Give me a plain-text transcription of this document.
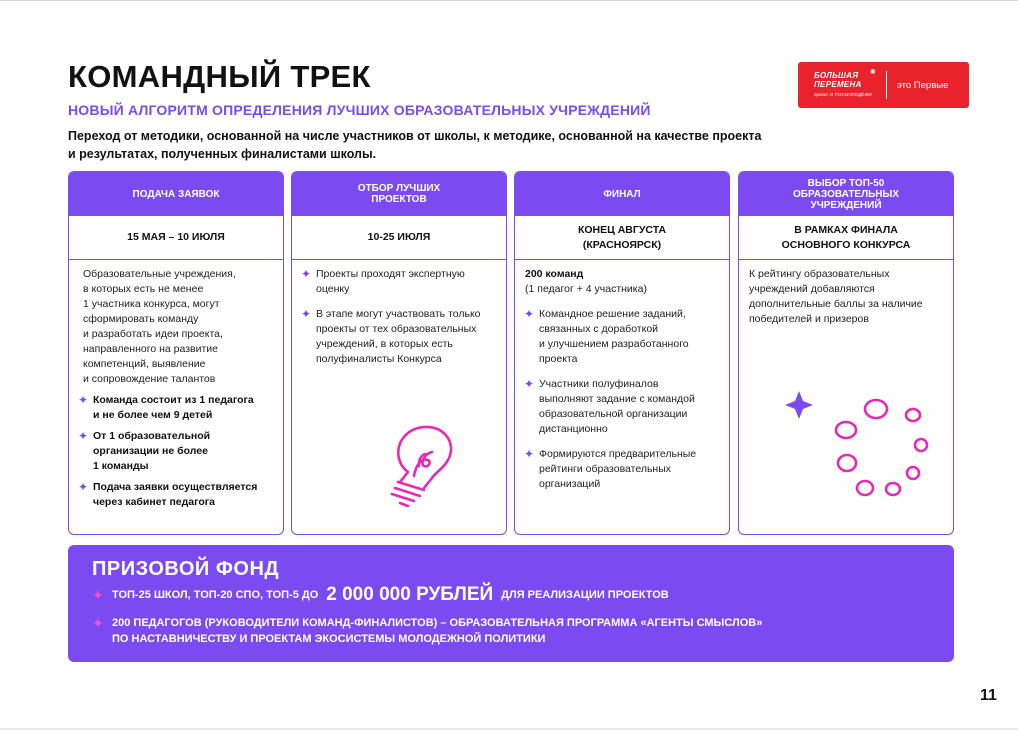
КОМАНДНЫЙ ТРЕК
НОВЫЙ АЛГОРИТМ ОПРЕДЕЛЕНИЯ ЛУЧШИХ ОБРАЗОВАТЕЛЬНЫХ УЧРЕЖДЕНИЙ
Переход от методики, основанной на числе участников от школы, к методике, основанной на качестве проекта
и результатах, полученных финалистами школы.
БОЛЬШАЯ
ПЕРЕМЕНА
✺
проект от РОСМОЛОДЁЖИ
это Первые
ПОДАЧА ЗАЯВОК
15 МАЯ – 10 ИЮЛЯ
Образовательные учреждения,
в которых есть не менее
1 участника конкурса, могут
сформировать команду
и разработать идеи проекта,
направленного на развитие
компетенций, выявление
и сопровождение талантов
✦ Команда состоит из 1 педагога
и не более чем 9 детей
✦ От 1 образовательной
организации не более
1 команды
✦ Подача заявки осуществляется
через кабинет педагога
ОТБОР ЛУЧШИХ
ПРОЕКТОВ
10-25 ИЮЛЯ
✦ Проекты проходят экспертную
оценку
✦ В этапе могут участвовать только
проекты от тех образовательных
учреждений, в которых есть
полуфиналисты Конкурса
ФИНАЛ
КОНЕЦ АВГУСТА
(КРАСНОЯРСК)
200 команд
(1 педагог + 4 участника)
✦ Командное решение заданий,
связанных с доработкой
и улучшением разработанного
проекта
✦ Участники полуфиналов
выполняют задание с командой
образовательной организации
дистанционно
✦ Формируются предварительные
рейтинги образовательных
организаций
ВЫБОР ТОП-50
ОБРАЗОВАТЕЛЬНЫХ
УЧРЕЖДЕНИЙ
В РАМКАХ ФИНАЛА
ОСНОВНОГО КОНКУРСА
К рейтингу образовательных
учреждений добавляются
дополнительные баллы за наличие
победителей и призеров
ПРИЗОВОЙ ФОНД
✦ ТОП-25 ШКОЛ, ТОП-20 СПО, ТОП-5 ДО 2 000 000 РУБЛЕЙ ДЛЯ РЕАЛИЗАЦИИ ПРОЕКТОВ
✦ 200 ПЕДАГОГОВ (РУКОВОДИТЕЛИ КОМАНД-ФИНАЛИСТОВ) – ОБРАЗОВАТЕЛЬНАЯ ПРОГРАММА «АГЕНТЫ СМЫСЛОВ»
ПО НАСТАВНИЧЕСТВУ И ПРОЕКТАМ ЭКОСИСТЕМЫ МОЛОДЕЖНОЙ ПОЛИТИКИ
11
